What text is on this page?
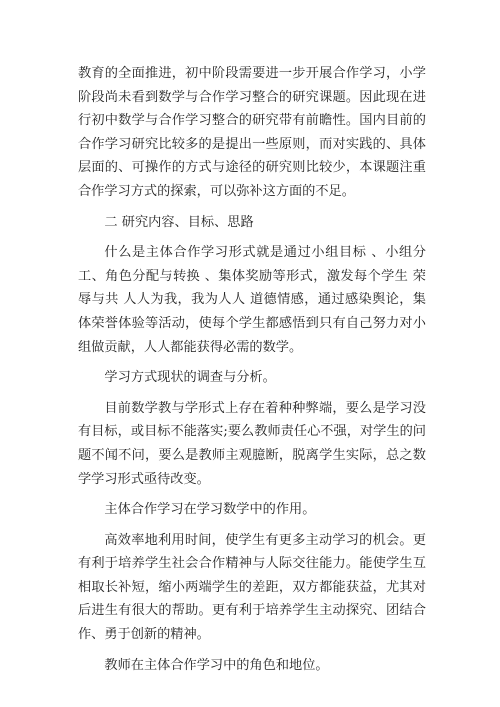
教育的全面推进，初中阶段需要进一步开展合作学习，小学阶段尚未看到数学与合作学习整合的研究课题。因此现在进行初中数学与合作学习整合的研究带有前瞻性。国内目前的合作学习研究比较多的是提出一些原则，而对实践的、具体层面的、可操作的方式与途径的研究则比较少，本课题注重合作学习方式的探索，可以弥补这方面的不足。

二 研究内容、目标、思路

什么是主体合作学习形式就是通过小组目标 、小组分工、角色分配与转换 、集体奖励等形式，激发每个学生 荣辱与共 人人为我，我为人人 道德情感，通过感染舆论，集体荣誉体验等活动，使每个学生都感悟到只有自己努力对小组做贡献，人人都能获得必需的数学。

学习方式现状的调查与分析。

目前数学教与学形式上存在着种种弊端，要么是学习没有目标，或目标不能落实;要么教师责任心不强，对学生的问题不闻不问，要么是教师主观臆断，脱离学生实际，总之数学学习形式亟待改变。

主体合作学习在学习数学中的作用。

高效率地利用时间，使学生有更多主动学习的机会。更有利于培养学生社会合作精神与人际交往能力。能使学生互相取长补短，缩小两端学生的差距，双方都能获益，尤其对后进生有很大的帮助。更有利于培养学生主动探究、团结合作、勇于创新的精神。

教师在主体合作学习中的角色和地位。
